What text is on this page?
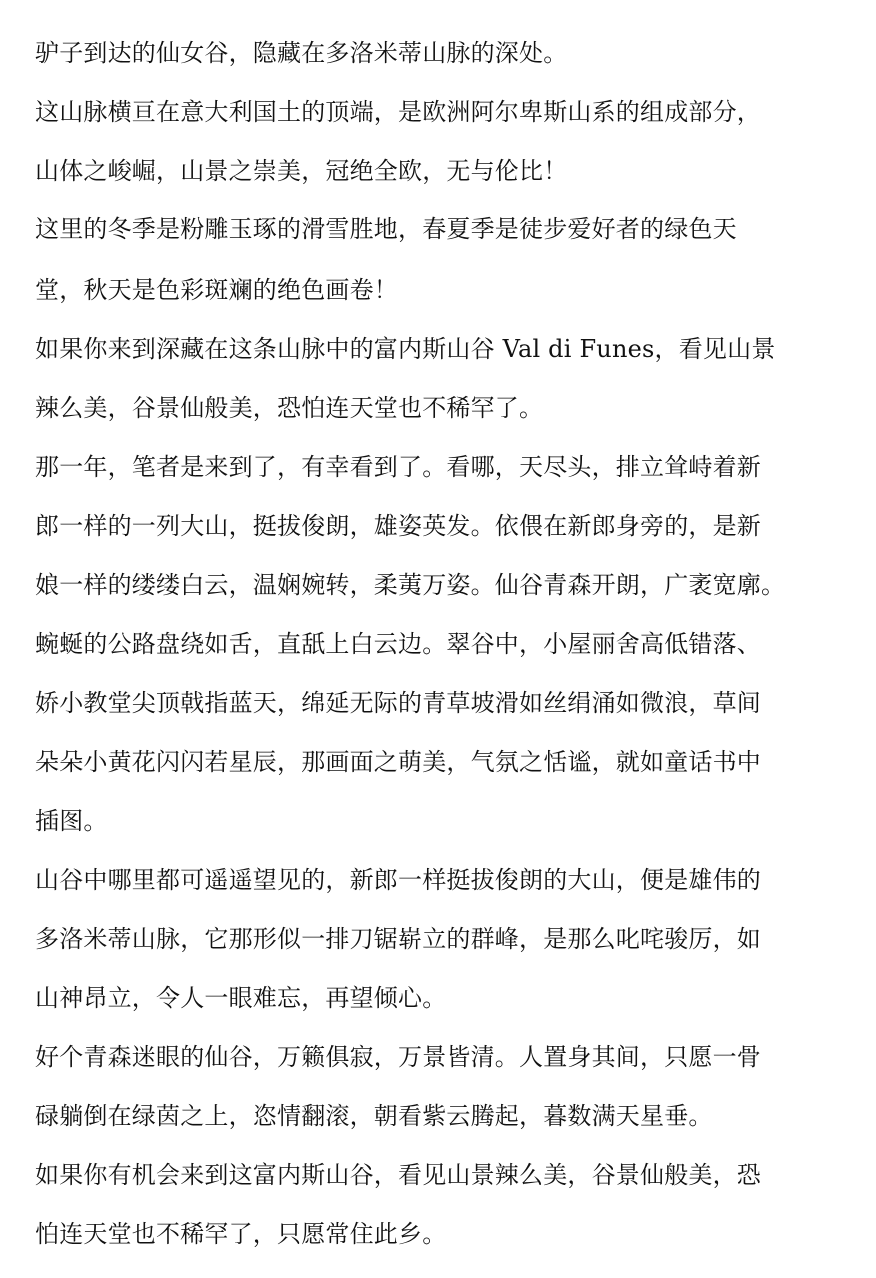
驴子到达的仙女谷，隐藏在多洛米蒂山脉的深处。
这山脉横亘在意大利国土的顶端，是欧洲阿尔卑斯山系的组成部分，
山体之峻崛，山景之崇美，冠绝全欧，无与伦比！
这里的冬季是粉雕玉琢的滑雪胜地，春夏季是徒步爱好者的绿色天
堂，秋天是色彩斑斓的绝色画卷！
如果你来到深藏在这条山脉中的富内斯山谷 Val di Funes，看见山景
辣么美，谷景仙般美，恐怕连天堂也不稀罕了。
那一年，笔者是来到了，有幸看到了。看哪，天尽头，排立耸峙着新
郎一样的一列大山，挺拔俊朗，雄姿英发。依偎在新郎身旁的，是新
娘一样的缕缕白云，温娴婉转，柔荑万姿。仙谷青森开朗，广袤宽廓。
蜿蜒的公路盘绕如舌，直舐上白云边。翠谷中，小屋丽舍高低错落、
娇小教堂尖顶戟指蓝天，绵延无际的青草坡滑如丝绢涌如微浪，草间
朵朵小黄花闪闪若星辰，那画面之萌美，气氛之恬谧，就如童话书中
插图。
山谷中哪里都可遥遥望见的，新郎一样挺拔俊朗的大山，便是雄伟的
多洛米蒂山脉，它那形似一排刀锯崭立的群峰，是那么叱咤骏厉，如
山神昂立，令人一眼难忘，再望倾心。
好个青森迷眼的仙谷，万籁俱寂，万景皆清。人置身其间，只愿一骨
碌躺倒在绿茵之上，恣情翻滚，朝看紫云腾起，暮数满天星垂。
如果你有机会来到这富内斯山谷，看见山景辣么美，谷景仙般美，恐
怕连天堂也不稀罕了，只愿常住此乡。
